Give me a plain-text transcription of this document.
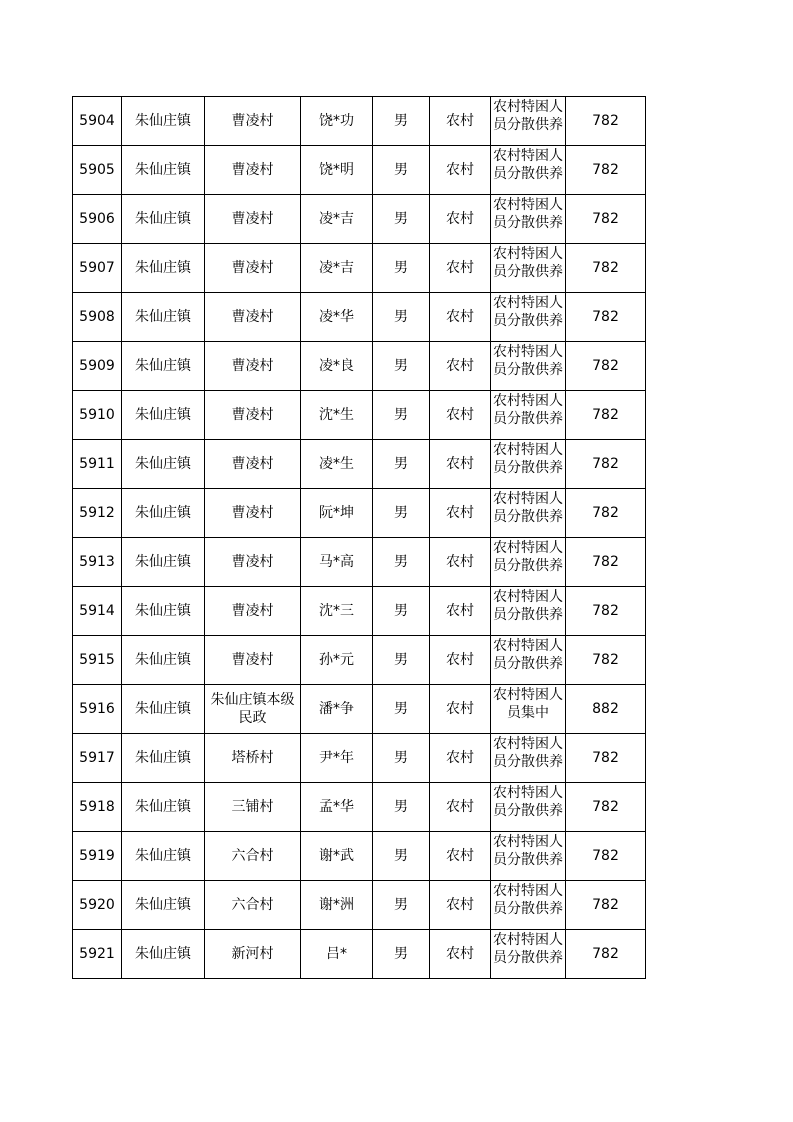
5904	朱仙庄镇	曹凌村	饶*功	男	农村	农村特困人员分散供养	782
5905	朱仙庄镇	曹凌村	饶*明	男	农村	农村特困人员分散供养	782
5906	朱仙庄镇	曹凌村	凌*吉	男	农村	农村特困人员分散供养	782
5907	朱仙庄镇	曹凌村	凌*吉	男	农村	农村特困人员分散供养	782
5908	朱仙庄镇	曹凌村	凌*华	男	农村	农村特困人员分散供养	782
5909	朱仙庄镇	曹凌村	凌*良	男	农村	农村特困人员分散供养	782
5910	朱仙庄镇	曹凌村	沈*生	男	农村	农村特困人员分散供养	782
5911	朱仙庄镇	曹凌村	凌*生	男	农村	农村特困人员分散供养	782
5912	朱仙庄镇	曹凌村	阮*坤	男	农村	农村特困人员分散供养	782
5913	朱仙庄镇	曹凌村	马*高	男	农村	农村特困人员分散供养	782
5914	朱仙庄镇	曹凌村	沈*三	男	农村	农村特困人员分散供养	782
5915	朱仙庄镇	曹凌村	孙*元	男	农村	农村特困人员分散供养	782
5916	朱仙庄镇	朱仙庄镇本级民政	潘*争	男	农村	农村特困人员集中	882
5917	朱仙庄镇	塔桥村	尹*年	男	农村	农村特困人员分散供养	782
5918	朱仙庄镇	三铺村	孟*华	男	农村	农村特困人员分散供养	782
5919	朱仙庄镇	六合村	谢*武	男	农村	农村特困人员分散供养	782
5920	朱仙庄镇	六合村	谢*洲	男	农村	农村特困人员分散供养	782
5921	朱仙庄镇	新河村	吕*	男	农村	农村特困人员分散供养	782
